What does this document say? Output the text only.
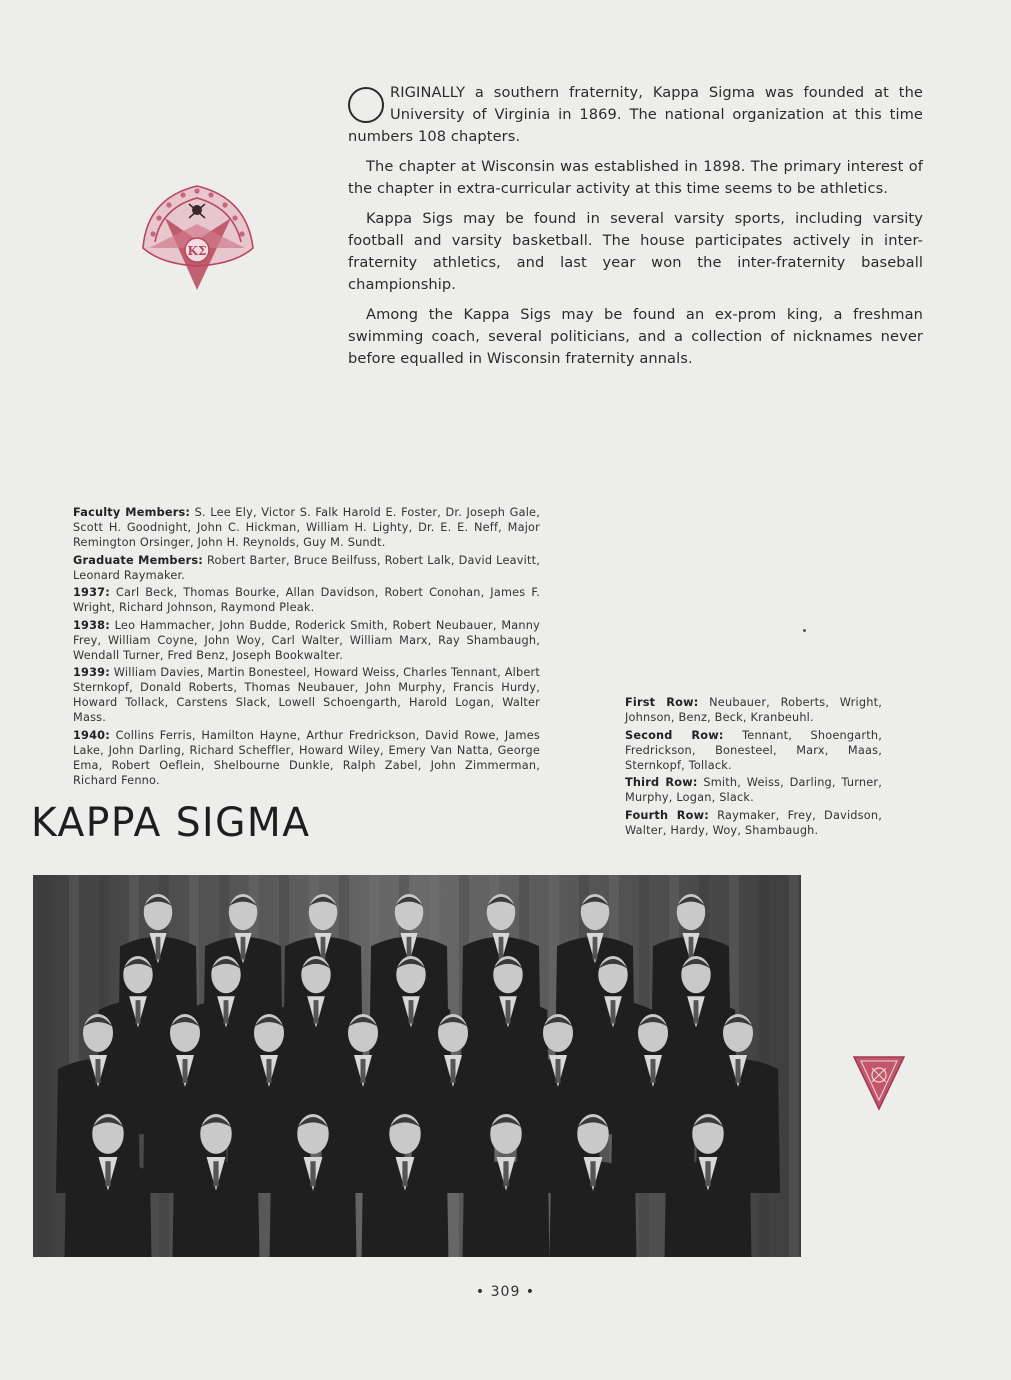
RIGINALLY a southern fraternity, Kappa Sigma was founded at the University of Virginia in 1869. The national organization at this time numbers 108 chapters.

The chapter at Wisconsin was established in 1898. The primary interest of the chapter in extra-curricular activity at this time seems to be athletics.

Kappa Sigs may be found in several varsity sports, including varsity football and varsity basketball. The house participates actively in inter-fraternity athletics, and last year won the inter-fraternity baseball championship.

Among the Kappa Sigs may be found an ex-prom king, a freshman swimming coach, several politicians, and a collection of nicknames never before equalled in Wisconsin fraternity annals.

KΣ

Faculty Members: S. Lee Ely, Victor S. Falk Harold E. Foster, Dr. Joseph Gale, Scott H. Goodnight, John C. Hickman, William H. Lighty, Dr. E. E. Neff, Major Remington Orsinger, John H. Reynolds, Guy M. Sundt.

Graduate Members: Robert Barter, Bruce Beilfuss, Robert Lalk, David Leavitt, Leonard Raymaker.

1937: Carl Beck, Thomas Bourke, Allan Davidson, Robert Conohan, James F. Wright, Richard Johnson, Raymond Pleak.

1938: Leo Hammacher, John Budde, Roderick Smith, Robert Neubauer, Manny Frey, William Coyne, John Woy, Carl Walter, William Marx, Ray Shambaugh, Wendall Turner, Fred Benz, Joseph Bookwalter.

1939: William Davies, Martin Bonesteel, Howard Weiss, Charles Tennant, Albert Sternkopf, Donald Roberts, Thomas Neubauer, John Murphy, Francis Hurdy, Howard Tollack, Carstens Slack, Lowell Schoengarth, Harold Logan, Walter Mass.

1940: Collins Ferris, Hamilton Hayne, Arthur Fredrickson, David Rowe, James Lake, John Darling, Richard Scheffler, Howard Wiley, Emery Van Natta, George Ema, Robert Oeflein, Shelbourne Dunkle, Ralph Zabel, John Zimmerman, Richard Fenno.

First Row: Neubauer, Roberts, Wright, Johnson, Benz, Beck, Kranbeuhl.

Second Row: Tennant, Shoengarth, Fredrickson, Bonesteel, Marx, Maas, Sternkopf, Tollack.

Third Row: Smith, Weiss, Darling, Turner, Murphy, Logan, Slack.

Fourth Row: Raymaker, Frey, Davidson, Walter, Hardy, Woy, Shambaugh.

KAPPA SIGMA
• 309 •
